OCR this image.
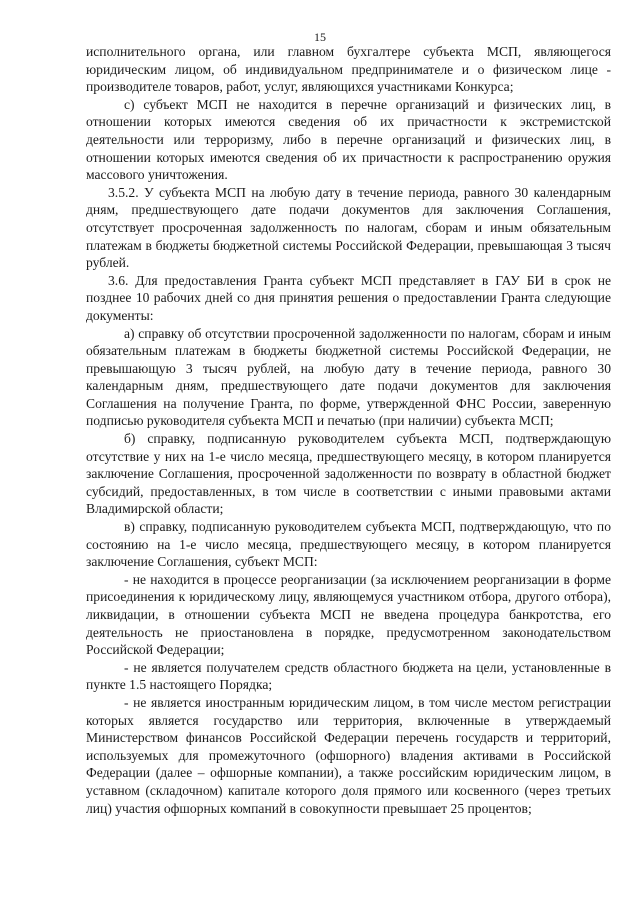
15

исполнительного органа, или главном бухгалтере субъекта МСП, являющегося юридическим лицом, об индивидуальном предпринимателе и о физическом лице - производителе товаров, работ, услуг, являющихся участниками Конкурса;

с) субъект МСП не находится в перечне организаций и физических лиц, в отношении которых имеются сведения об их причастности к экстремистской деятельности или терроризму, либо в перечне организаций и физических лиц, в отношении которых имеются сведения об их причастности к распространению оружия массового уничтожения.

3.5.2. У субъекта МСП на любую дату в течение периода, равного 30 календарным дням, предшествующего дате подачи документов для заключения Соглашения, отсутствует просроченная задолженность по налогам, сборам и иным обязательным платежам в бюджеты бюджетной системы Российской Федерации, превышающая 3 тысяч рублей.

3.6. Для предоставления Гранта субъект МСП представляет в ГАУ БИ в срок не позднее 10 рабочих дней со дня принятия решения о предоставлении Гранта следующие документы:

а) справку об отсутствии просроченной задолженности по налогам, сборам и иным обязательным платежам в бюджеты бюджетной системы Российской Федерации, не превышающую 3 тысяч рублей, на любую дату в течение периода, равного 30 календарным дням, предшествующего дате подачи документов для заключения Соглашения на получение Гранта, по форме, утвержденной ФНС России, заверенную подписью руководителя субъекта МСП и печатью (при наличии) субъекта МСП;

б) справку, подписанную руководителем субъекта МСП, подтверждающую отсутствие у них на 1-е число месяца, предшествующего месяцу, в котором планируется заключение Соглашения, просроченной задолженности по возврату в областной бюджет субсидий, предоставленных, в том числе в соответствии с иными правовыми актами Владимирской области;

в) справку, подписанную руководителем субъекта МСП, подтверждающую, что по состоянию на 1-е число месяца, предшествующего месяцу, в котором планируется заключение Соглашения, субъект МСП:

- не находится в процессе реорганизации (за исключением реорганизации в форме присоединения к юридическому лицу, являющемуся участником отбора, другого отбора), ликвидации, в отношении субъекта МСП не введена процедура банкротства, его деятельность не приостановлена в порядке, предусмотренном законодательством Российской Федерации;

- не является получателем средств областного бюджета на цели, установленные в пункте 1.5 настоящего Порядка;

- не является иностранным юридическим лицом, в том числе местом регистрации которых является государство или территория, включенные в утверждаемый Министерством финансов Российской Федерации перечень государств и территорий, используемых для промежуточного (офшорного) владения активами в Российской Федерации (далее – офшорные компании), а также российским юридическим лицом, в уставном (складочном) капитале которого доля прямого или косвенного (через третьих лиц) участия офшорных компаний в совокупности превышает 25 процентов;
